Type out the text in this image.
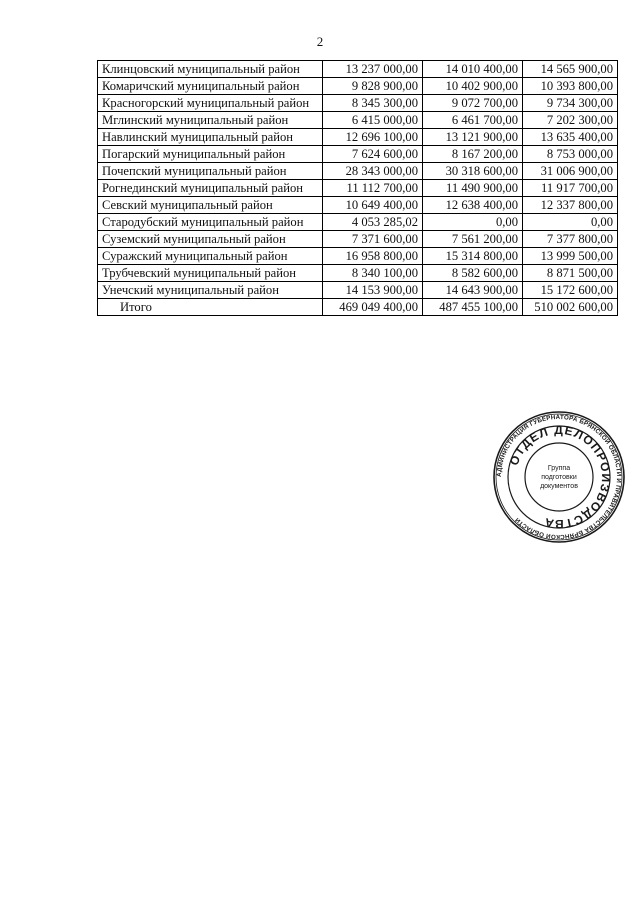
2
Клинцовский муниципальный район	13 237 000,00	14 010 400,00	14 565 900,00
Комаричский муниципальный район	9 828 900,00	10 402 900,00	10 393 800,00
Красногорский муниципальный район	8 345 300,00	9 072 700,00	9 734 300,00
Мглинский муниципальный район	6 415 000,00	6 461 700,00	7 202 300,00
Навлинский муниципальный район	12 696 100,00	13 121 900,00	13 635 400,00
Погарский муниципальный район	7 624 600,00	8 167 200,00	8 753 000,00
Почепский муниципальный район	28 343 000,00	30 318 600,00	31 006 900,00
Рогнединский муниципальный район	11 112 700,00	11 490 900,00	11 917 700,00
Севский муниципальный район	10 649 400,00	12 638 400,00	12 337 800,00
Стародубский муниципальный район	4 053 285,02	0,00	0,00
Суземский муниципальный район	7 371 600,00	7 561 200,00	7 377 800,00
Суражский муниципальный район	16 958 800,00	15 314 800,00	13 999 500,00
Трубчевский муниципальный район	8 340 100,00	8 582 600,00	8 871 500,00
Унечский муниципальный район	14 153 900,00	14 643 900,00	15 172 600,00
Итого	469 049 400,00	487 455 100,00	510 002 600,00
АДМИНИСТРАЦИЯ ГУБЕРНАТОРА БРЯНСКОЙ ОБЛАСТИ И ПРАВИТЕЛЬСТВА БРЯНСКОЙ ОБЛАСТИ
ОТДЕЛ ДЕЛОПРОИЗВОДСТВА
Группа
подготовки
документов
